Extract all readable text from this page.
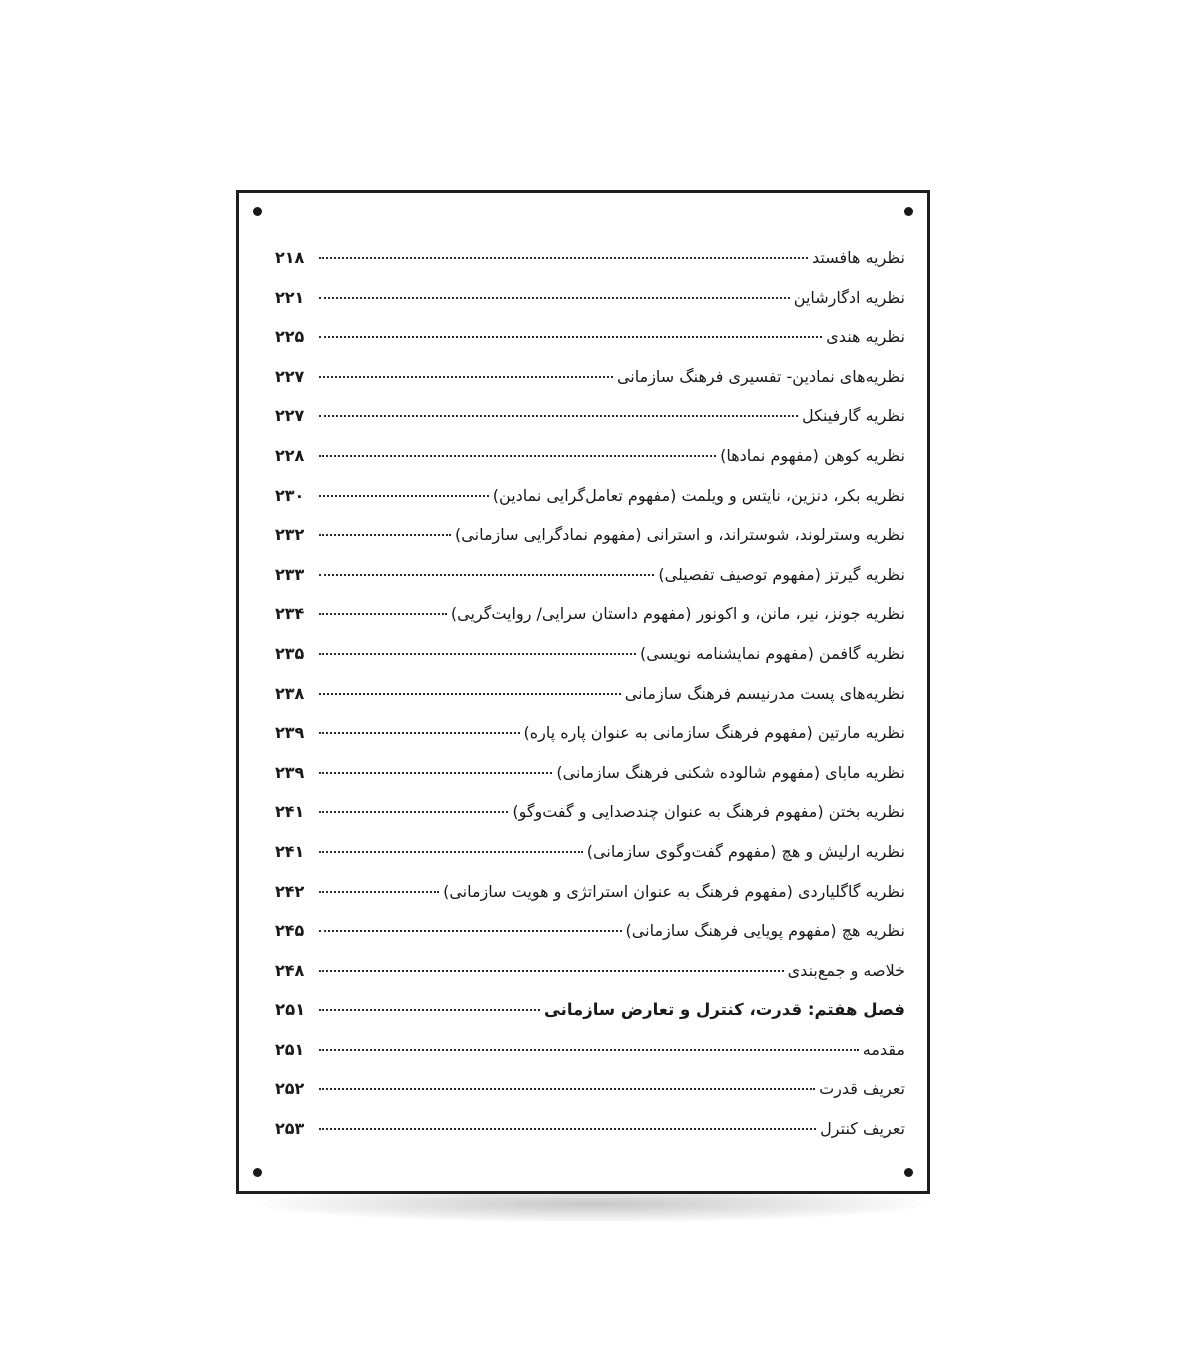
نظریه هافستد
۲۱۸
نظریه ادگارشاین
۲۲۱
نظریه هندی
۲۲۵
نظریه‌های نمادین- تفسیری فرهنگ سازمانی
۲۲۷
نظریه گارفینکل
۲۲۷
نظریه کوهن (مفهوم نمادها)
۲۲۸
نظریه بکر، دنزین، نایتس و ویلمت (مفهوم تعامل‌گرایی نمادین)
۲۳۰
نظریه وسترلوند، شوستراند، و استرانی (مفهوم نمادگرایی سازمانی)
۲۳۲
نظریه گیرتز (مفهوم توصیف تفصیلی)
۲۳۳
نظریه جونز، نیر، مانن، و اکونور (مفهوم داستان سرایی/ روایت‌گریی)
۲۳۴
نظریه گافمن (مفهوم نمایشنامه نویسی)
۲۳۵
نظریه‌های پست مدرنیسم فرهنگ سازمانی
۲۳۸
نظریه مارتین (مفهوم فرهنگ سازمانی به عنوان پاره پاره)
۲۳۹
نظریه مابای (مفهوم شالوده شکنی فرهنگ سازمانی)
۲۳۹
نظریه بختن (مفهوم فرهنگ به عنوان چندصدایی و گفت‌وگو)
۲۴۱
نظریه ارلیش و هچ (مفهوم گفت‌وگوی سازمانی)
۲۴۱
نظریه گاگلیاردی (مفهوم فرهنگ به عنوان استراتژی و هویت سازمانی)
۲۴۲
نظریه هچ (مفهوم پویایی فرهنگ سازمانی)
۲۴۵
خلاصه و جمع‌بندی
۲۴۸
فصل هفتم: قدرت، کنترل و تعارض سازمانی
۲۵۱
مقدمه
۲۵۱
تعریف قدرت
۲۵۲
تعریف کنترل
۲۵۳
